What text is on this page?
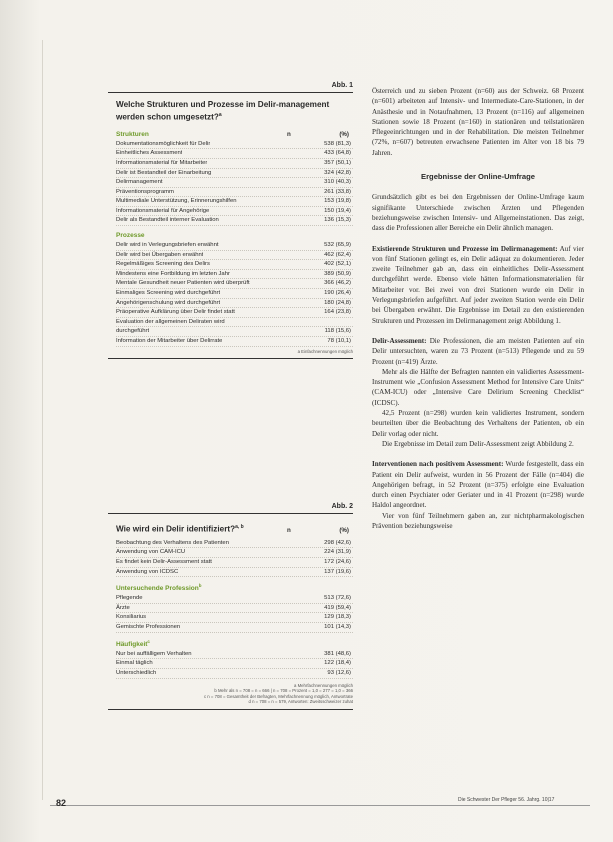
Abb. 1
Welche Strukturen und Prozesse im Delir-management werden schon umgesetzt?$^a$
Strukturen	n	(%)
Dokumentationsmöglichkeit für Delir	538 (81,3)
Einheitliches Assessment	433 (64,8)
Informationsmaterial für Mitarbeiter	357 (50,1)
Delir ist Bestandteil der Einarbeitung	324 (42,8)
Delirmanagement	310 (40,3)
Präventionsprogramm	261 (33,8)
Multimediale Unterstützung, Erinnerungshilfen	153 (19,8)
Informationsmaterial für Angehörige	150 (19,4)
Delir als Bestandteil interner Evaluation	136 (15,3)
Prozesse
Delir wird in Verlegungsbriefen erwähnt	532 (65,9)
Delir wird bei Übergaben erwähnt	462 (62,4)
Regelmäßiges Screening des Delirs	402 (52,1)
Mindestens eine Fortbildung im letzten Jahr	389 (50,9)
Mentale Gesundheit neuer Patienten wird überprüft	366 (46,2)
Einmaliges Screening wird durchgeführt	190 (26,4)
Angehörigenschulung wird durchgeführt	180 (24,8)
Präoperative Aufklärung über Delir findet statt	164 (23,8)
Evaluation der allgemeinen Deliraten wird
durchgeführt	118 (15,6)
Information der Mitarbeiter über Delirrate	78 (10,1)
a Einfachnennungen möglich
Abb. 2
Wie wird ein Delir identifiziert?$^{a, b}$	n	(%)
Beobachtung des Verhaltens des Patienten	298 (42,6)
Anwendung von CAM-ICU	224 (31,9)
Es findet kein Delir-Assessment statt	172 (24,6)
Anwendung von ICDSC	137 (19,6)
Untersuchende Profession$^b$
Pflegende	513 (72,6)
Ärzte	419 (59,4)
Konsiliarius	129 (18,3)
Gemischte Professionen	101 (14,3)
Häufigkeit$^c$
Nur bei auffälligem Verhalten	381 (48,6)
Einmal täglich	122 (18,4)
Unterschiedlich	93 (12,6)
a Mehrfachnennungen möglich
b Mehr als n = 708 = n = 666 | n = 708 = Prozent = 1,0 = 277 = 1,0 = 366
c n = 708 = Gesamtheit der Befragten, Mehrfachnennung möglich, Antwortrate
d n = 708 = n = 579, Antworten: Zweitsschweizer zuhat

Österreich und zu sieben Prozent (n=60) aus der Schweiz. 68 Prozent (n=601) arbeiteten auf Intensiv- und Intermediate-Care-Stationen, in der Anästhesie und in Notaufnahmen, 13 Prozent (n=116) auf allgemeinen Stationen sowie 18 Prozent (n=160) in stationären und teilstationären Pflegeeinrichtungen und in der Rehabilitation. Die meisten Teilnehmer (72%, n=607) betreuten erwachsene Patienten im Alter von 18 bis 79 Jahren.

Ergebnisse der Online-Umfrage

Grundsätzlich gibt es bei den Ergebnissen der Online-Umfrage kaum signifikante Unterschiede zwischen Ärzten und Pflegenden beziehungsweise zwischen Intensiv- und Allgemeinstationen. Das zeigt, dass die Professionen aller Bereiche ein Delir ähnlich managen.

Existierende Strukturen und Prozesse im Delirmanagement: Auf vier von fünf Stationen gelingt es, ein Delir adäquat zu dokumentieren. Jeder zweite Teilnehmer gab an, dass ein einheitliches Delir-Assessment durchgeführt werde. Ebenso viele hätten Informationsmaterialien für Mitarbeiter vor. Bei zwei von drei Stationen wurde ein Delir in Verlegungsbriefen aufgeführt. Auf jeder zweiten Station werde ein Delir bei Übergaben erwähnt. Die Ergebnisse im Detail zu den existierenden Strukturen und Prozessen im Delirmanagement zeigt Abbildung 1.

Delir-Assessment: Die Professionen, die am meisten Patienten auf ein Delir untersuchten, waren zu 73 Prozent (n=513) Pflegende und zu 59 Prozent (n=419) Ärzte.

Mehr als die Hälfte der Befragten nannten ein validiertes Assessment-Instrument wie „Confusion Assessment Method for Intensive Care Units“ (CAM-ICU) oder „Intensive Care Delirium Screening Checklist“ (ICDSC).

42,5 Prozent (n=298) wurden kein validiertes Instrument, sondern beurteilten über die Beobachtung des Verhaltens der Patienten, ob ein Delir vorlag oder nicht.

Die Ergebnisse im Detail zum Delir-Assessment zeigt Abbildung 2.

Interventionen nach positivem Assessment: Wurde festgestellt, dass ein Patient ein Delir aufweist, wurden in 56 Prozent der Fälle (n=404) die Angehörigen befragt, in 52 Prozent (n=375) erfolgte eine Evaluation durch einen Psychiater oder Geriater und in 41 Prozent (n=298) wurde Haldol angeordnet.

Vier von fünf Teilnehmern gaben an, zur nichtpharmakologischen Prävention beziehungsweise

82	Die Schwester Der Pfleger 56. Jahrg. 10|17
